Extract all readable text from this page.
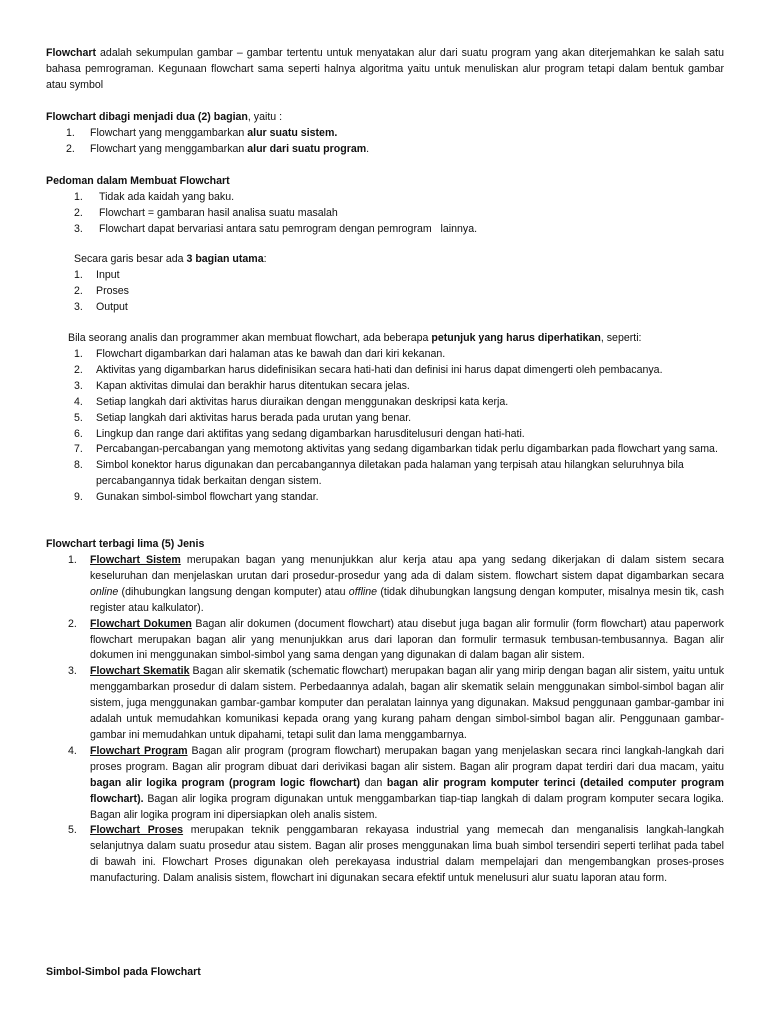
Flowchart adalah sekumpulan gambar – gambar tertentu untuk menyatakan alur dari suatu program yang akan diterjemahkan ke salah satu bahasa pemrograman. Kegunaan flowchart sama seperti halnya algoritma yaitu untuk menuliskan alur program tetapi dalam bentuk gambar atau symbol
Flowchart dibagi menjadi dua (2) bagian, yaitu :
1.	Flowchart yang menggambarkan alur suatu sistem.
2.	Flowchart yang menggambarkan alur dari suatu program.
Pedoman dalam Membuat Flowchart
1.	Tidak ada kaidah yang baku.
2.	Flowchart = gambaran hasil analisa suatu masalah
3.	Flowchart dapat bervariasi antara satu pemrogram dengan pemrogram   lainnya.
Secara garis besar ada 3 bagian utama:
1.	Input
2.	Proses
3.	Output
Bila seorang analis dan programmer akan membuat flowchart, ada beberapa petunjuk yang harus diperhatikan, seperti:
1.	Flowchart digambarkan dari halaman atas ke bawah dan dari kiri kekanan.
2.	Aktivitas yang digambarkan harus didefinisikan secara hati-hati dan definisi ini harus dapat dimengerti oleh pembacanya.
3.	Kapan aktivitas dimulai dan berakhir harus ditentukan secara jelas.
4.	Setiap langkah dari aktivitas harus diuraikan dengan menggunakan deskripsi kata kerja.
5.	Setiap langkah dari aktivitas harus berada pada urutan yang benar.
6.	Lingkup dan range dari aktifitas yang sedang digambarkan harusditelusuri dengan hati-hati.
7.	Percabangan-percabangan yang memotong aktivitas yang sedang digambarkan tidak perlu digambarkan pada flowchart yang sama.
8.	Simbol konektor harus digunakan dan percabangannya diletakan pada halaman yang terpisah atau hilangkan seluruhnya bila percabangannya tidak berkaitan dengan sistem.
9.	Gunakan simbol-simbol flowchart yang standar.
Flowchart terbagi lima (5) Jenis
1.	Flowchart Sistem merupakan bagan yang menunjukkan alur kerja atau apa yang sedang dikerjakan di dalam sistem secara keseluruhan dan menjelaskan urutan dari prosedur-prosedur yang ada di dalam sistem. flowchart sistem dapat digambarkan secara online (dihubungkan langsung dengan komputer) atau offline (tidak dihubungkan langsung dengan komputer, misalnya mesin tik, cash register atau kalkulator).
2.	Flowchart Dokumen Bagan alir dokumen (document flowchart) atau disebut juga bagan alir formulir (form flowchart) atau paperwork flowchart merupakan bagan alir yang menunjukkan arus dari laporan dan formulir termasuk tembusan-tembusannya. Bagan alir dokumen ini menggunakan simbol-simbol yang sama dengan yang digunakan di dalam bagan alir sistem.
3.	Flowchart Skematik Bagan alir skematik (schematic flowchart) merupakan bagan alir yang mirip dengan bagan alir sistem, yaitu untuk menggambarkan prosedur di dalam sistem. Perbedaannya adalah, bagan alir skematik selain menggunakan simbol-simbol bagan alir sistem, juga menggunakan gambar-gambar komputer dan peralatan lainnya yang digunakan. Maksud penggunaan gambar-gambar ini adalah untuk memudahkan komunikasi kepada orang yang kurang paham dengan simbol-simbol bagan alir. Penggunaan gambar-gambar ini memudahkan untuk dipahami, tetapi sulit dan lama menggambarnya.
4.	Flowchart Program Bagan alir program (program flowchart) merupakan bagan yang menjelaskan secara rinci langkah-langkah dari proses program. Bagan alir program dibuat dari derivikasi bagan alir sistem. Bagan alir program dapat terdiri dari dua macam, yaitu bagan alir logika program (program logic flowchart) dan bagan alir program komputer terinci (detailed computer program flowchart). Bagan alir logika program digunakan untuk menggambarkan tiap-tiap langkah di dalam program komputer secara logika. Bagan alir logika program ini dipersiapkan oleh analis sistem.
5.	Flowchart Proses merupakan teknik penggambaran rekayasa industrial yang memecah dan menganalisis langkah-langkah selanjutnya dalam suatu prosedur atau sistem. Bagan alir proses menggunakan lima buah simbol tersendiri seperti terlihat pada tabel di bawah ini. Flowchart Proses digunakan oleh perekayasa industrial dalam mempelajari dan mengembangkan proses-proses manufacturing. Dalam analisis sistem, flowchart ini digunakan secara efektif untuk menelusuri alur suatu laporan atau form.
Simbol-Simbol pada Flowchart
